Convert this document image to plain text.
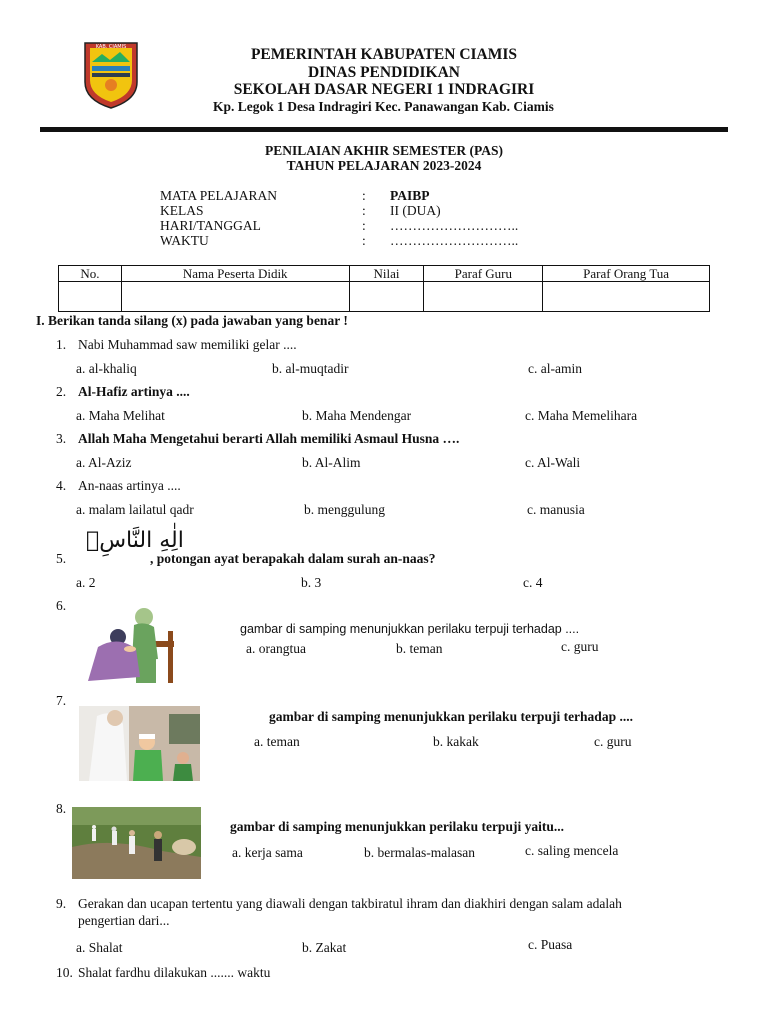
KAB. CIAMIS	PEMERINTAH KABUPATEN CIAMIS
DINAS PENDIDIKAN
SEKOLAH DASAR NEGERI 1 INDRAGIRI
Kp. Legok 1 Desa Indragiri Kec. Panawangan Kab. Ciamis
PENILAIAN AKHIR SEMESTER (PAS)
TAHUN PELAJARAN 2023-2024
MATA PELAJARAN	: PAIBP
KELAS	: II (DUA)
HARI/TANGGAL	: ………………………..
WAKTU	: ………………………..
No.	Nama Peserta Didik	Nilai	Paraf Guru	Paraf Orang Tua

I. Berikan tanda silang (x) pada jawaban yang benar !
1. Nabi Muhammad saw memiliki gelar ....
a. al-khaliq	b. al-muqtadir	c. al-amin
2. Al-Hafiz artinya ....
a. Maha Melihat	b. Maha Mendengar	c. Maha Memelihara
3. Allah Maha Mengetahui berarti Allah memiliki Asmaul Husna ….
a. Al-Aziz	b. Al-Alim	c. Al-Wali
4. An-naas artinya ....
a. malam lailatul qadr	b. menggulung	c. manusia
5.
الِٰهِ النَّاسِۙ
, potongan ayat berapakah dalam surah an-naas?
a. 2	b. 3	c. 4
6.
gambar di samping menunjukkan perilaku terpuji terhadap ....
a. orangtua	b. teman	c. guru
7.
gambar di samping menunjukkan perilaku terpuji terhadap ....
a. teman	b. kakak	c. guru
8.
gambar di samping menunjukkan perilaku terpuji yaitu...
a. kerja sama	b. bermalas-malasan	c. saling mencela
9. Gerakan dan ucapan tertentu yang diawali dengan takbiratul ihram dan diakhiri dengan salam adalah
pengertian dari...
a. Shalat	b. Zakat	c. Puasa
10. Shalat fardhu dilakukan ....... waktu
